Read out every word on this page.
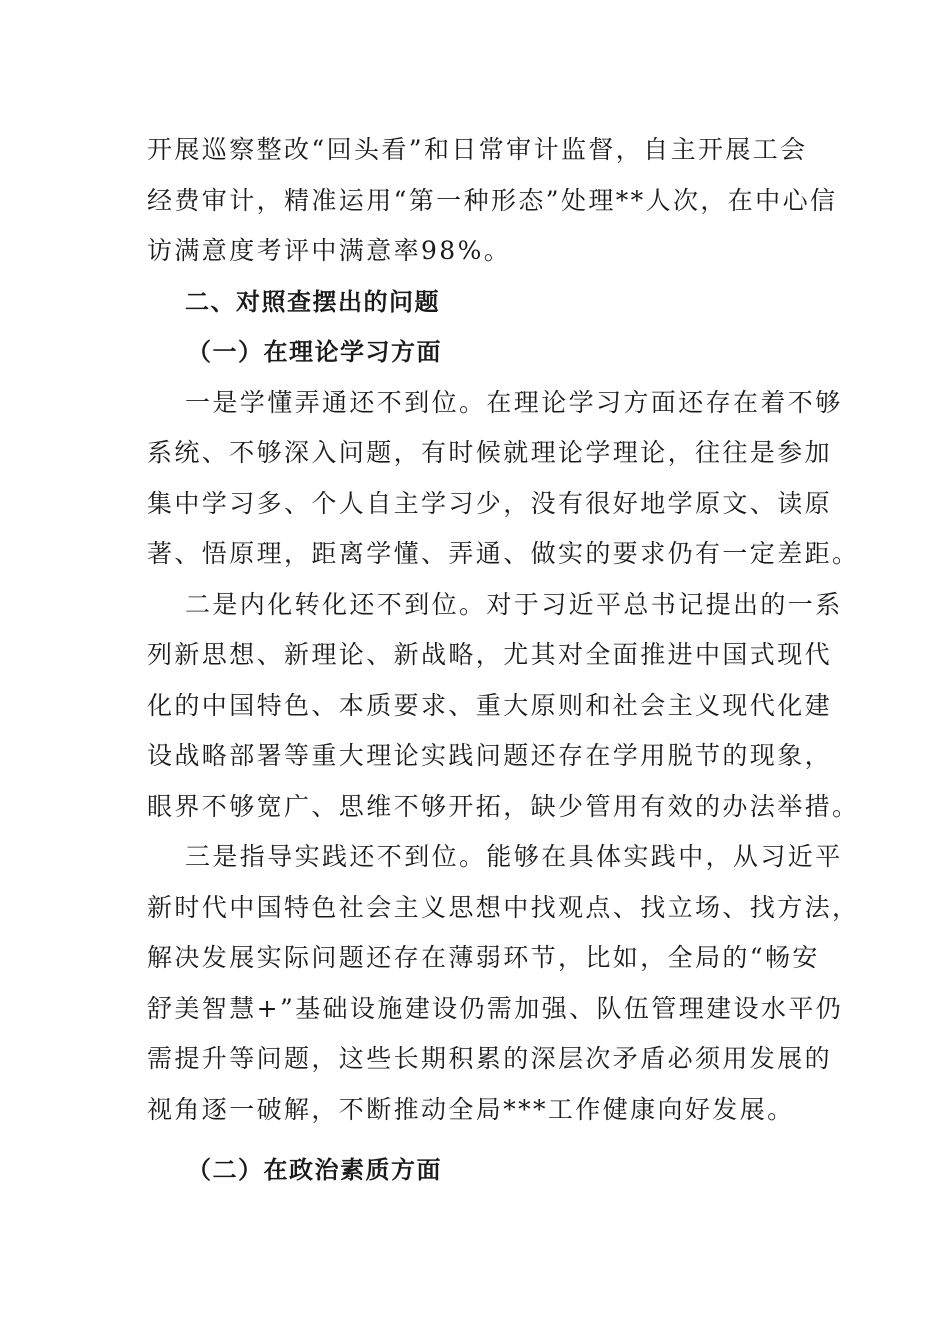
开展巡察整改“回头看”和日常审计监督，自主开展工会
经费审计，精准运用“第一种形态”处理**人次，在中心信
访满意度考评中满意率98%。
二、对照查摆出的问题
（一）在理论学习方面
一是学懂弄通还不到位。在理论学习方面还存在着不够
系统、不够深入问题，有时候就理论学理论，往往是参加
集中学习多、个人自主学习少，没有很好地学原文、读原
著、悟原理，距离学懂、弄通、做实的要求仍有一定差距。
二是内化转化还不到位。对于习近平总书记提出的一系
列新思想、新理论、新战略，尤其对全面推进中国式现代
化的中国特色、本质要求、重大原则和社会主义现代化建
设战略部署等重大理论实践问题还存在学用脱节的现象，
眼界不够宽广、思维不够开拓，缺少管用有效的办法举措。
三是指导实践还不到位。能够在具体实践中，从习近平
新时代中国特色社会主义思想中找观点、找立场、找方法，
解决发展实际问题还存在薄弱环节，比如，全局的“畅安
舒美智慧+”基础设施建设仍需加强、队伍管理建设水平仍
需提升等问题，这些长期积累的深层次矛盾必须用发展的
视角逐一破解，不断推动全局***工作健康向好发展。
（二）在政治素质方面
